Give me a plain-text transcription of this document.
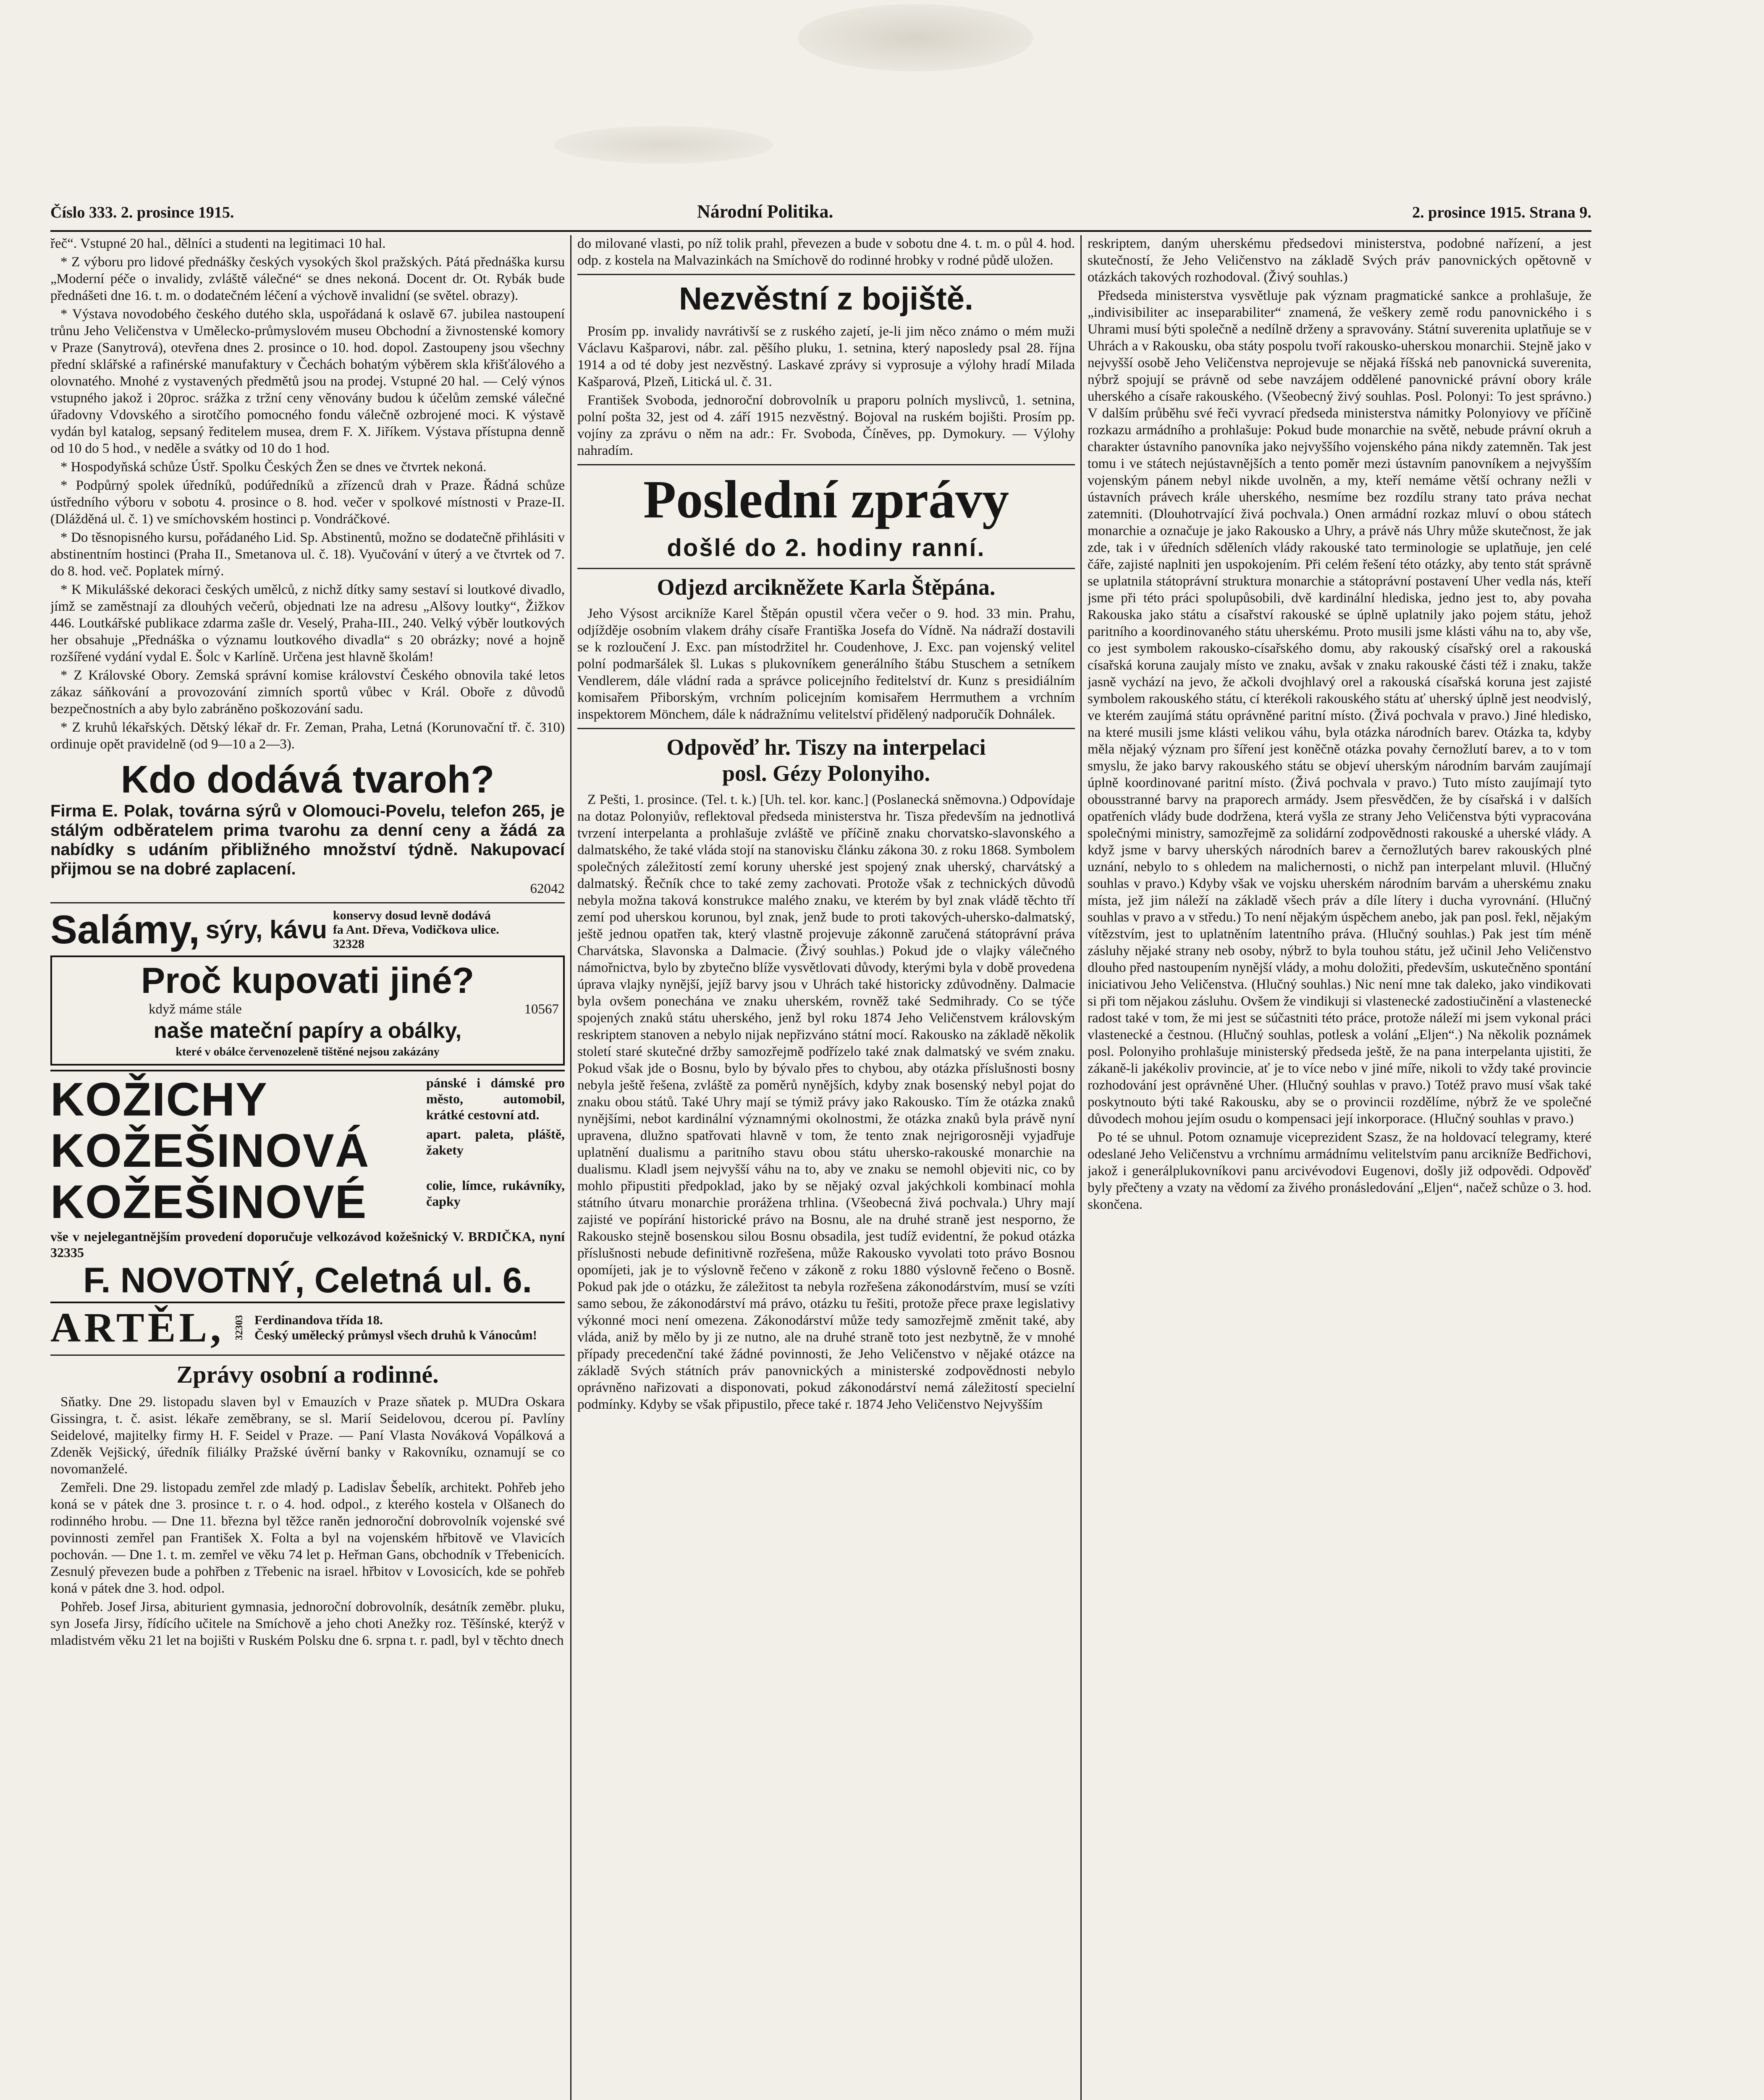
Číslo 333. 2. prosince 1915.	Národní Politika.	2. prosince 1915. Strana 9.

řeč“. Vstupné 20 hal., dělníci a studenti na legitimaci 10 hal.

* Z výboru pro lidové přednášky českých vysokých škol pražských. Pátá přednáška kursu „Moderní péče o invalidy, zvláště válečné“ se dnes nekoná. Docent dr. Ot. Rybák bude přednášeti dne 16. t. m. o dodatečném léčení a výchově invalidní (se světel. obrazy).

* Výstava novodobého českého dutého skla, uspořádaná k oslavě 67. jubilea nastoupení trůnu Jeho Veličenstva v Umělecko-průmyslovém museu Obchodní a živnostenské komory v Praze (Sanytrová), otevřena dnes 2. prosince o 10. hod. dopol. Zastoupeny jsou všechny přední sklářské a rafinérské manufaktury v Čechách bohatým výběrem skla křišťálového a olovnatého. Mnohé z vystavených předmětů jsou na prodej. Vstupné 20 hal. — Celý výnos vstupného jakož i 20proc. srážka z tržní ceny věnovány budou k účelům zemské válečné úřadovny Vdovského a sirotčího pomocného fondu válečně ozbrojené moci. K výstavě vydán byl katalog, sepsaný ředitelem musea, drem F. X. Jiříkem. Výstava přístupna denně od 10 do 5 hod., v neděle a svátky od 10 do 1 hod.

* Hospodyňská schůze Ústř. Spolku Českých Žen se dnes ve čtvrtek nekoná.

* Podpůrný spolek úředníků, podúředníků a zřízenců drah v Praze. Řádná schůze ústředního výboru v sobotu 4. prosince o 8. hod. večer v spolkové místnosti v Praze-II. (Dlážděná ul. č. 1) ve smíchovském hostinci p. Vondráčkové.

* Do těsnopisného kursu, pořádaného Lid. Sp. Abstinentů, možno se dodatečně přihlásiti v abstinentním hostinci (Praha II., Smetanova ul. č. 18). Vyučování v úterý a ve čtvrtek od 7. do 8. hod. več. Poplatek mírný.

* K Mikulášské dekoraci českých umělců, z nichž dítky samy sestaví si loutkové divadlo, jímž se zaměstnají za dlouhých večerů, objednati lze na adresu „Alšovy loutky“, Žižkov 446. Loutkářské publikace zdarma zašle dr. Veselý, Praha-III., 240. Velký výběr loutkových her obsahuje „Přednáška o významu loutkového divadla“ s 20 obrázky; nové a hojně rozšířené vydání vydal E. Šolc v Karlíně. Určena jest hlavně školám!

* Z Královské Obory. Zemská správní komise království Českého obnovila také letos zákaz sáňkování a provozování zimních sportů vůbec v Král. Oboře z důvodů bezpečnostních a aby bylo zabráněno poškozování sadu.

* Z kruhů lékařských. Dětský lékař dr. Fr. Zeman, Praha, Letná (Korunovační tř. č. 310) ordinuje opět pravidelně (od 9—10 a 2—3).

Kdo dodává tvaroh?

Firma E. Polak, továrna sýrů v Olomouci-Povelu, telefon 265, je stálým odběratelem prima tvarohu za denní ceny a žádá za nabídky s udáním přibližného množství týdně. Nakupovací přijmou se na dobré zaplacení.

62042
Salámy, sýry, kávu
konservy dosud levně dodává
fa Ant. Dřeva, Vodičkova ulice.
32328
Proč kupovati jiné?
když máme stále	10567
naše mateční papíry a obálky,
které v obálce červenozeleně tištěné nejsou zakázány
KOŽICHY	pánské i dámské pro město, automobil, krátké cestovní atd.
KOŽEŠINOVÁ	apart. paleta, pláště, žakety
KOŽEŠINOVÉ	colie, límce, rukávníky, čapky
vše v nejelegantnějším provedení doporučuje velkozávod kožešnický V. BRDIČKA, nyní 32335
F. NOVOTNÝ, Celetná ul. 6.
ARTĚL, 32303 Ferdinandova třída 18.
Český umělecký průmysl všech druhů k Vánocům!
Zprávy osobní a rodinné.

Sňatky. Dne 29. listopadu slaven byl v Emauzích v Praze sňatek p. MUDra Oskara Gissingra, t. č. asist. lékaře zeměbrany, se sl. Marií Seidelovou, dcerou pí. Pavlíny Seidelové, majitelky firmy H. F. Seidel v Praze. — Paní Vlasta Nováková Vopálková a Zdeněk Vejšický, úředník filiálky Pražské úvěrní banky v Rakovníku, oznamují se co novomanželé.

Zemřeli. Dne 29. listopadu zemřel zde mladý p. Ladislav Šebelík, architekt. Pohřeb jeho koná se v pátek dne 3. prosince t. r. o 4. hod. odpol., z kterého kostela v Olšanech do rodinného hrobu. — Dne 11. března byl těžce raněn jednoroční dobrovolník vojenské své povinnosti zemřel pan František X. Folta a byl na vojenském hřbitově ve Vlavicích pochován. — Dne 1. t. m. zemřel ve věku 74 let p. Heřman Gans, obchodník v Třebenicích. Zesnulý převezen bude a pohřben z Třebenic na israel. hřbitov v Lovosicích, kde se pohřeb koná v pátek dne 3. hod. odpol.

Pohřeb. Josef Jirsa, abiturient gymnasia, jednoroční dobrovolník, desátník zeměbr. pluku, syn Josefa Jirsy, řídícího učitele na Smíchově a jeho choti Anežky roz. Těšínské, kterýž v mladistvém věku 21 let na bojišti v Ruském Polsku dne 6. srpna t. r. padl, byl v těchto dnech

do milované vlasti, po níž tolik prahl, převezen a bude v sobotu dne 4. t. m. o půl 4. hod. odp. z kostela na Malvazinkách na Smíchově do rodinné hrobky v rodné půdě uložen.

Nezvěstní z bojiště.

Prosím pp. invalidy navrátivší se z ruského zajetí, je-li jim něco známo o mém muži Václavu Kašparovi, nábr. zal. pěšího pluku, 1. setnina, který naposledy psal 28. října 1914 a od té doby jest nezvěstný. Laskavé zprávy si vyprosuje a výlohy hradí Milada Kašparová, Plzeň, Litická ul. č. 31.

František Svoboda, jednoroční dobrovolník u praporu polních myslivců, 1. setnina, polní pošta 32, jest od 4. září 1915 nezvěstný. Bojoval na ruském bojišti. Prosím pp. vojíny za zprávu o něm na adr.: Fr. Svoboda, Číněves, pp. Dymokury. — Výlohy nahradím.

Poslední zprávy
došlé do 2. hodiny ranní.
Odjezd arcikněžete Karla Štěpána.

Jeho Výsost arcikníže Karel Štěpán opustil včera večer o 9. hod. 33 min. Prahu, odjížděje osobním vlakem dráhy císaře Františka Josefa do Vídně. Na nádraží dostavili se k rozloučení J. Exc. pan místodržitel hr. Coudenhove, J. Exc. pan vojenský velitel polní podmaršálek šl. Lukas s plukovníkem generálního štábu Stuschem a setníkem Vendlerem, dále vládní rada a správce policejního ředitelství dr. Kunz s presidiálním komisařem Přiborským, vrchním policejním komisařem Herrmuthem a vrchním inspektorem Mönchem, dále k nádražnímu velitelství přidělený nadporučík Dohnálek.

Odpověď hr. Tiszy na interpelaci
posl. Gézy Polonyiho.

Z Pešti, 1. prosince. (Tel. t. k.) [Uh. tel. kor. kanc.] (Poslanecká sněmovna.) Odpovídaje na dotaz Polonyiův, reflektoval předseda ministerstva hr. Tisza především na jednotlivá tvrzení interpelanta a prohlašuje zvláště ve příčině znaku chorvatsko-slavonského a dalmatského, že také vláda stojí na stanovisku článku zákona 30. z roku 1868. Symbolem společných záležitostí zemí koruny uherské jest spojený znak uherský, charvátský a dalmatský. Řečník chce to také zemy zachovati. Protože však z technických důvodů nebyla možna taková konstrukce malého znaku, ve kterém by byl znak vládě těchto tří zemí pod uherskou korunou, byl znak, jenž bude to proti takových-uhersko-dalmatský, ještě jednou opatřen tak, který vlastně projevuje zákonně zaručená státoprávní práva Charvátska, Slavonska a Dalmacie. (Živý souhlas.) Pokud jde o vlajky válečného námořnictva, bylo by zbytečno blíže vysvětlovati důvody, kterými byla v době provedena úprava vlajky nynější, jejíž barvy jsou v Uhrách také historicky zdůvodněny. Dalmacie byla ovšem ponechána ve znaku uherském, rovněž také Sedmihrady. Co se týče spojených znaků státu uherského, jenž byl roku 1874 Jeho Veličenstvem královským reskriptem stanoven a nebylo nijak nepřizváno státní mocí. Rakousko na základě několik století staré skutečné držby samozřejmě podřízelo také znak dalmatský ve svém znaku. Pokud však jde o Bosnu, bylo by bývalo přes to chybou, aby otázka příslušnosti bosny nebyla ještě řešena, zvláště za poměrů nynějších, kdyby znak bosenský nebyl pojat do znaku obou států. Také Uhry mají se týmiž právy jako Rakousko. Tím že otázka znaků nynějšími, nebot kardinální významnými okolnostmi, že otázka znaků byla právě nyní upravena, dlužno spatřovati hlavně v tom, že tento znak nejrigorosněji vyjadřuje uplatnění dualismu a paritního stavu obou státu uhersko-rakouské monarchie na dualismu. Kladl jsem nejvyšší váhu na to, aby ve znaku se nemohl objeviti nic, co by mohlo připustiti předpoklad, jako by se nějaký ozval jakýchkoli kombinací mohla státního útvaru monarchie prorážena trhlina. (Všeobecná živá pochvala.) Uhry mají zajisté ve popírání historické právo na Bosnu, ale na druhé straně jest nesporno, že Rakousko stejně bosenskou silou Bosnu obsadila, jest tudíž evidentní, že pokud otázka příslušnosti nebude definitivně rozřešena, může Rakousko vyvolati toto právo Bosnou opomíjeti, jak je to výslovně řečeno v zákoně z roku 1880 výslovně řečeno o Bosně. Pokud pak jde o otázku, že záležitost ta nebyla rozřešena zákonodárstvím, musí se vzíti samo sebou, že zákonodárství má právo, otázku tu řešiti, protože přece praxe legislativy výkonné moci není omezena. Zákonodárství může tedy samozřejmě změnit také, aby vláda, aniž by mělo by ji ze nutno, ale na druhé straně toto jest nezbytně, že v mnohé případy precedenční také žádné povinnosti, že Jeho Veličenstvo v nějaké otázce na základě Svých státních práv panovnických a ministerské zodpovědnosti nebylo oprávněno nařizovati a disponovati, pokud zákonodárství nemá záležitostí specielní podmínky. Kdyby se však připustilo, přece také r. 1874 Jeho Veličenstvo Nejvyšším

reskriptem, daným uherskému předsedovi ministerstva, podobné nařízení, a jest skutečností, že Jeho Veličenstvo na základě Svých práv panovnických opětovně v otázkách takových rozhodoval. (Živý souhlas.)

Předseda ministerstva vysvětluje pak význam pragmatické sankce a prohlašuje, že „indivisibiliter ac inseparabiliter“ znamená, že veškery země rodu panovnického i s Uhrami musí býti společně a nedílně drženy a spravovány. Státní suverenita uplatňuje se v Uhrách a v Rakousku, oba státy pospolu tvoří rakousko-uherskou monarchii. Stejně jako v nejvyšší osobě Jeho Veličenstva neprojevuje se nějaká říšská neb panovnická suverenita, nýbrž spojují se právně od sebe navzájem oddělené panovnické právní obory krále uherského a císaře rakouského. (Všeobecný živý souhlas. Posl. Polonyi: To jest správno.) V dalším průběhu své řeči vyvrací předseda ministerstva námitky Polonyiovy ve příčině rozkazu armádního a prohlašuje: Pokud bude monarchie na světě, nebude právní okruh a charakter ústavního panovníka jako nejvyššího vojenského pána nikdy zatemněn. Tak jest tomu i ve státech nejústavnějších a tento poměr mezi ústavním panovníkem a nejvyšším vojenským pánem nebyl nikde uvolněn, a my, kteří nemáme větší ochrany nežli v ústavních právech krále uherského, nesmíme bez rozdílu strany tato práva nechat zatemniti. (Dlouhotrvající živá pochvala.) Onen armádní rozkaz mluví o obou státech monarchie a označuje je jako Rakousko a Uhry, a právě nás Uhry může skutečnost, že jak zde, tak i v úředních sděleních vlády rakouské tato terminologie se uplatňuje, jen celé čáře, zajisté naplniti jen uspokojením. Při celém řešení této otázky, aby tento stát správně se uplatnila státoprávní struktura monarchie a státoprávní postavení Uher vedla nás, kteří jsme při této práci spolupůsobili, dvě kardinální hlediska, jedno jest to, aby povaha Rakouska jako státu a císařství rakouské se úplně uplatnily jako pojem státu, jehož paritního a koordinovaného státu uherskému. Proto musili jsme klásti váhu na to, aby vše, co jest symbolem rakousko-císařského domu, aby rakouský císařský orel a rakouská císařská koruna zaujaly místo ve znaku, avšak v znaku rakouské části též i znaku, takže jasně vychází na jevo, že ačkoli dvojhlavý orel a rakouská císařská koruna jest zajisté symbolem rakouského státu, cí kterékoli rakouského státu ať uherský úplně jest neodvislý, ve kterém zaujímá státu oprávněné paritní místo. (Živá pochvala v pravo.) Jiné hledisko, na které musili jsme klásti velikou váhu, byla otázka národních barev. Otázka ta, kdyby měla nějaký význam pro šíření jest koněčně otázka povahy černožlutí barev, a to v tom smyslu, že jako barvy rakouského státu se objeví uherským národním barvám zaujímají úplně koordinované paritní místo. (Živá pochvala v pravo.) Tuto místo zaujímají tyto obousstranné barvy na praporech armády. Jsem přesvědčen, že by císařská i v dalších opatřeních vlády bude dodržena, která vyšla ze strany Jeho Veličenstva býti vypracována společnými ministry, samozřejmě za solidární zodpovědnosti rakouské a uherské vlády. A když jsme v barvy uherských národních barev a černožlutých barev rakouských plné uznání, nebylo to s ohledem na malichernosti, o nichž pan interpelant mluvil. (Hlučný souhlas v pravo.) Kdyby však ve vojsku uherském národním barvám a uherskému znaku místa, jež jim náleží na základě všech práv a díle lítery i ducha vyrovnání. (Hlučný souhlas v pravo a v středu.) To není nějakým úspěchem anebo, jak pan posl. řekl, nějakým vítězstvím, jest to uplatněním latentního práva. (Hlučný souhlas.) Pak jest tím méně zásluhy nějaké strany neb osoby, nýbrž to byla touhou státu, jež učinil Jeho Veličenstvo dlouho před nastoupením nynější vlády, a mohu doložiti, především, uskutečněno spontání iniciativou Jeho Veličenstva. (Hlučný souhlas.) Nic není mne tak daleko, jako vindikovati si při tom nějakou zásluhu. Ovšem že vindikuji si vlastenecké zadostiučinění a vlastenecké radost také v tom, že mi jest se súčastniti této práce, protože náleží mi jsem vykonal práci vlastenecké a čestnou. (Hlučný souhlas, potlesk a volání „Eljen“.) Na několik poznámek posl. Polonyiho prohlašuje ministerský předseda ještě, že na pana interpelanta ujistiti, že zákaně-li jakékoliv provincie, ať je to více nebo v jiné míře, nikoli to vždy také provincie rozhodování jest oprávněné Uher. (Hlučný souhlas v pravo.) Totéž pravo musí však také poskytnouto býti také Rakousku, aby se o provincii rozdělíme, nýbrž že ve společné důvodech mohou jejím osudu o kompensaci její inkorporace. (Hlučný souhlas v pravo.)

Po té se uhnul. Potom oznamuje viceprezident Szasz, že na holdovací telegramy, které odeslané Jeho Veličenstvu a vrchnímu armádnímu velitelstvím panu arcikníže Bedřichovi, jakož i generálplukovníkovi panu arcivévodovi Eugenovi, došly již odpovědi. Odpověď byly přečteny a vzaty na vědomí za živého pronásledování „Eljen“, načež schůze o 3. hod. skončena.
